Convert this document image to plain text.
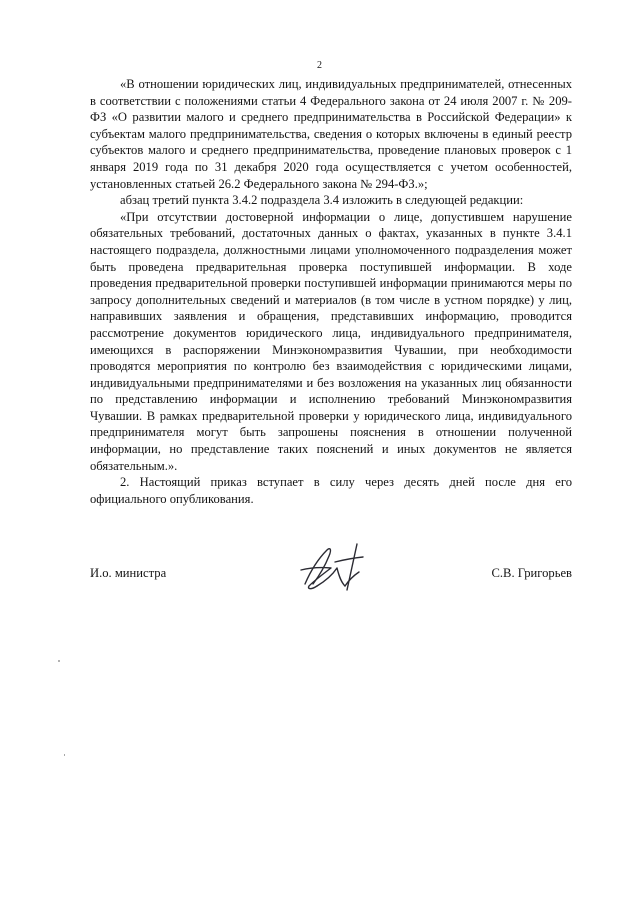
2

«В отношении юридических лиц, индивидуальных предпринимателей, отнесенных в соответствии с положениями статьи 4 Федерального закона от 24 июля 2007 г. № 209-ФЗ «О развитии малого и среднего предпринимательства в Российской Федерации» к субъектам малого предпринимательства, сведения о которых включены в единый реестр субъектов малого и среднего предпринимательства, проведение плановых проверок с 1 января 2019 года по 31 декабря 2020 года осуществляется с учетом особенностей, установленных статьей 26.2 Федерального закона № 294-ФЗ.»;

абзац третий пункта 3.4.2 подраздела 3.4 изложить в следующей редакции:

«При отсутствии достоверной информации о лице, допустившем нарушение обязательных требований, достаточных данных о фактах, указанных в пункте 3.4.1 настоящего подраздела, должностными лицами уполномоченного подразделения может быть проведена предварительная проверка поступившей информации. В ходе проведения предварительной проверки поступившей информации принимаются меры по запросу дополнительных сведений и материалов (в том числе в устном порядке) у лиц, направивших заявления и обращения, представивших информацию, проводится рассмотрение документов юридического лица, индивидуального предпринимателя, имеющихся в распоряжении Минэкономразвития Чувашии, при необходимости проводятся мероприятия по контролю без взаимодействия с юридическими лицами, индивидуальными предпринимателями и без возложения на указанных лиц обязанности по представлению информации и исполнению требований Минэкономразвития Чувашии. В рамках предварительной проверки у юридического лица, индивидуального предпринимателя могут быть запрошены пояснения в отношении полученной информации, но представление таких пояснений и иных документов не является обязательным.».

2. Настоящий приказ вступает в силу через десять дней после дня его официального опубликования.

И.о. министра	С.В. Григорьев
